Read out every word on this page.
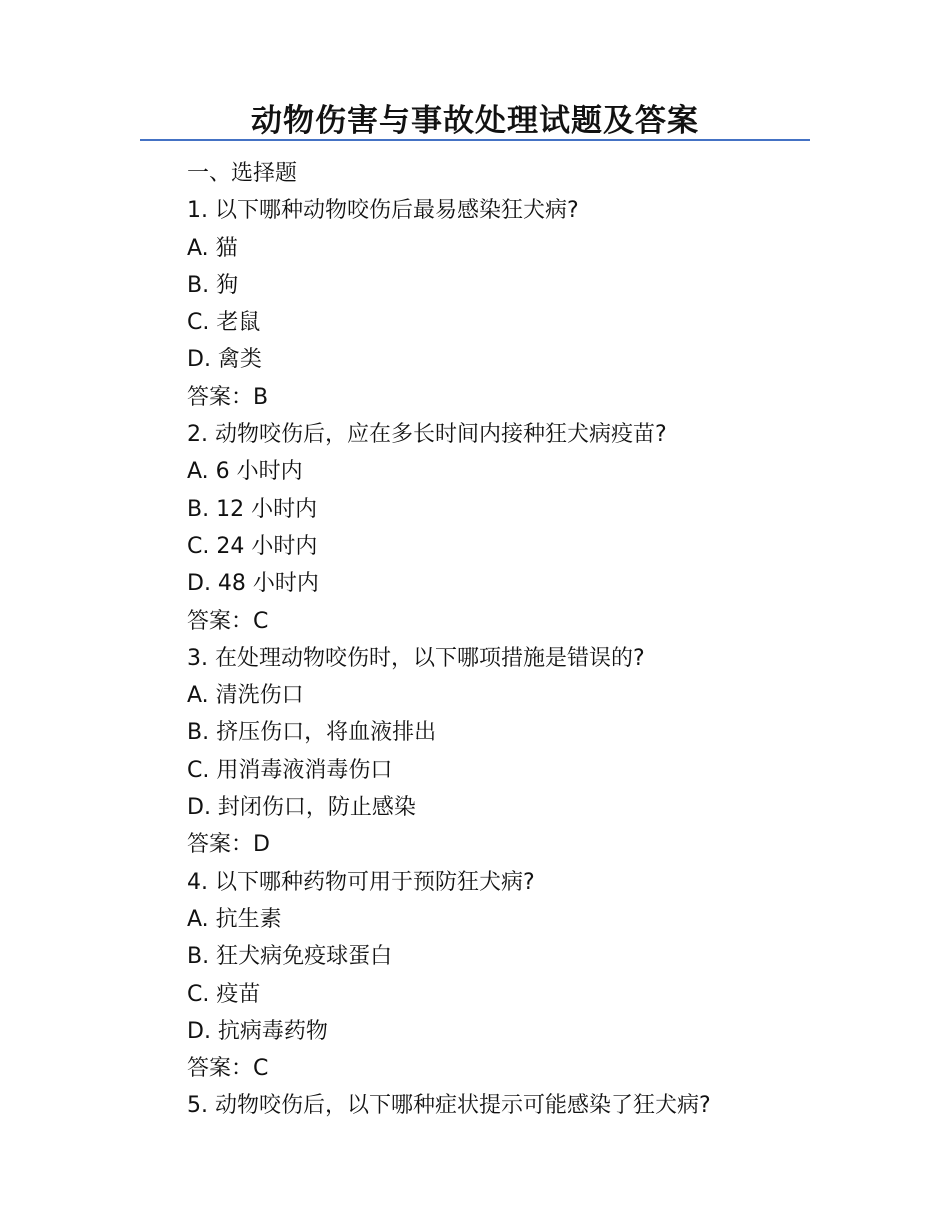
动物伤害与事故处理试题及答案
一、选择题
1. 以下哪种动物咬伤后最易感染狂犬病?
A. 猫
B. 狗
C. 老鼠
D. 禽类
答案：B
2. 动物咬伤后，应在多长时间内接种狂犬病疫苗?
A. 6 小时内
B. 12 小时内
C. 24 小时内
D. 48 小时内
答案：C
3. 在处理动物咬伤时，以下哪项措施是错误的?
A. 清洗伤口
B. 挤压伤口，将血液排出
C. 用消毒液消毒伤口
D. 封闭伤口，防止感染
答案：D
4. 以下哪种药物可用于预防狂犬病?
A. 抗生素
B. 狂犬病免疫球蛋白
C. 疫苗
D. 抗病毒药物
答案：C
5. 动物咬伤后，以下哪种症状提示可能感染了狂犬病?
